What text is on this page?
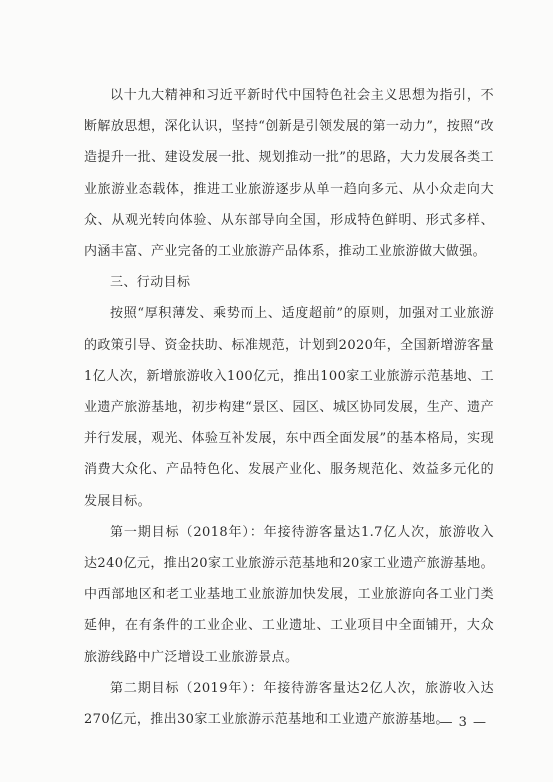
以十九大精神和习近平新时代中国特色社会主义思想为指引，不断解放思想，深化认识，坚持“创新是引领发展的第一动力”，按照“改造提升一批、建设发展一批、规划推动一批”的思路，大力发展各类工业旅游业态载体，推进工业旅游逐步从单一趋向多元、从小众走向大众、从观光转向体验、从东部导向全国，形成特色鲜明、形式多样、内涵丰富、产业完备的工业旅游产品体系，推动工业旅游做大做强。

三、行动目标

按照“厚积薄发、乘势而上、适度超前”的原则，加强对工业旅游的政策引导、资金扶助、标准规范，计划到2020年，全国新增游客量1亿人次，新增旅游收入100亿元，推出100家工业旅游示范基地、工业遗产旅游基地，初步构建“景区、园区、城区协同发展，生产、遗产并行发展，观光、体验互补发展，东中西全面发展”的基本格局，实现消费大众化、产品特色化、发展产业化、服务规范化、效益多元化的发展目标。

第一期目标（2018年）：年接待游客量达1.7亿人次，旅游收入达240亿元，推出20家工业旅游示范基地和20家工业遗产旅游基地。中西部地区和老工业基地工业旅游加快发展，工业旅游向各工业门类延伸，在有条件的工业企业、工业遗址、工业项目中全面铺开，大众旅游线路中广泛增设工业旅游景点。

第二期目标（2019年）：年接待游客量达2亿人次，旅游收入达270亿元，推出30家工业旅游示范基地和工业遗产旅游基地。

— 3 —
